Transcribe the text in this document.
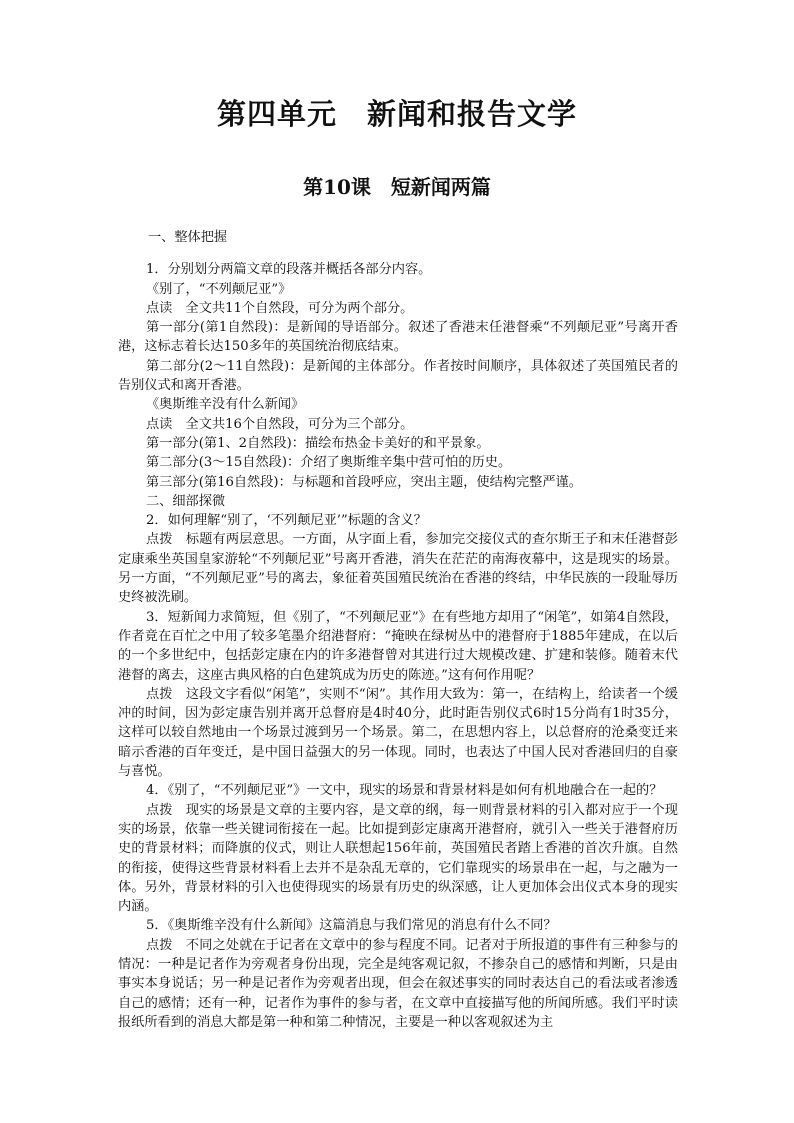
第四单元　新闻和报告文学
第10课　短新闻两篇

一、整体把握

1．分别划分两篇文章的段落并概括各部分内容。

《别了，“不列颠尼亚”》

点读　全文共11个自然段，可分为两个部分。

第一部分(第1自然段)：是新闻的导语部分。叙述了香港末任港督乘“不列颠尼亚”号离开香港，这标志着长达150多年的英国统治彻底结束。

第二部分(2～11自然段)：是新闻的主体部分。作者按时间顺序，具体叙述了英国殖民者的告别仪式和离开香港。

《奥斯维辛没有什么新闻》

点读　全文共16个自然段，可分为三个部分。

第一部分(第1、2自然段)：描绘布热金卡美好的和平景象。

第二部分(3～15自然段)：介绍了奥斯维辛集中营可怕的历史。

第三部分(第16自然段)：与标题和首段呼应，突出主题，使结构完整严谨。

二、细部探微

2．如何理解“别了，‘不列颠尼亚’”标题的含义？

点拨　标题有两层意思。一方面，从字面上看，参加完交接仪式的查尔斯王子和末任港督彭定康乘坐英国皇家游轮“不列颠尼亚”号离开香港，消失在茫茫的南海夜幕中，这是现实的场景。另一方面，“不列颠尼亚”号的离去，象征着英国殖民统治在香港的终结，中华民族的一段耻辱历史终被洗刷。

3．短新闻力求简短，但《别了，“不列颠尼亚”》在有些地方却用了“闲笔”，如第4自然段，作者竟在百忙之中用了较多笔墨介绍港督府：“掩映在绿树丛中的港督府于1885年建成，在以后的一个多世纪中，包括彭定康在内的许多港督曾对其进行过大规模改建、扩建和装修。随着末代港督的离去，这座古典风格的白色建筑成为历史的陈迹。”这有何作用呢？

点拨　这段文字看似“闲笔”，实则不“闲”。其作用大致为：第一，在结构上，给读者一个缓冲的时间，因为彭定康告别并离开总督府是4时40分，此时距告别仪式6时15分尚有1时35分，这样可以较自然地由一个场景过渡到另一个场景。第二，在思想内容上，以总督府的沧桑变迁来暗示香港的百年变迁，是中国日益强大的另一体现。同时，也表达了中国人民对香港回归的自豪与喜悦。

4．《别了，“不列颠尼亚”》一文中，现实的场景和背景材料是如何有机地融合在一起的？

点拨　现实的场景是文章的主要内容，是文章的纲，每一则背景材料的引入都对应于一个现实的场景，依靠一些关键词衔接在一起。比如提到彭定康离开港督府，就引入一些关于港督府历史的背景材料；而降旗的仪式，则让人联想起156年前，英国殖民者踏上香港的首次升旗。自然的衔接，使得这些背景材料看上去并不是杂乱无章的，它们靠现实的场景串在一起，与之融为一体。另外，背景材料的引入也使得现实的场景有历史的纵深感，让人更加体会出仪式本身的现实内涵。

5．《奥斯维辛没有什么新闻》这篇消息与我们常见的消息有什么不同？

点拨　不同之处就在于记者在文章中的参与程度不同。记者对于所报道的事件有三种参与的情况：一种是记者作为旁观者身份出现，完全是纯客观记叙，不掺杂自己的感情和判断，只是由事实本身说话；另一种是记者作为旁观者出现，但会在叙述事实的同时表达自己的看法或者渗透自己的感情；还有一种，记者作为事件的参与者，在文章中直接描写他的所闻所感。我们平时读报纸所看到的消息大都是第一种和第二种情况，主要是一种以客观叙述为主
